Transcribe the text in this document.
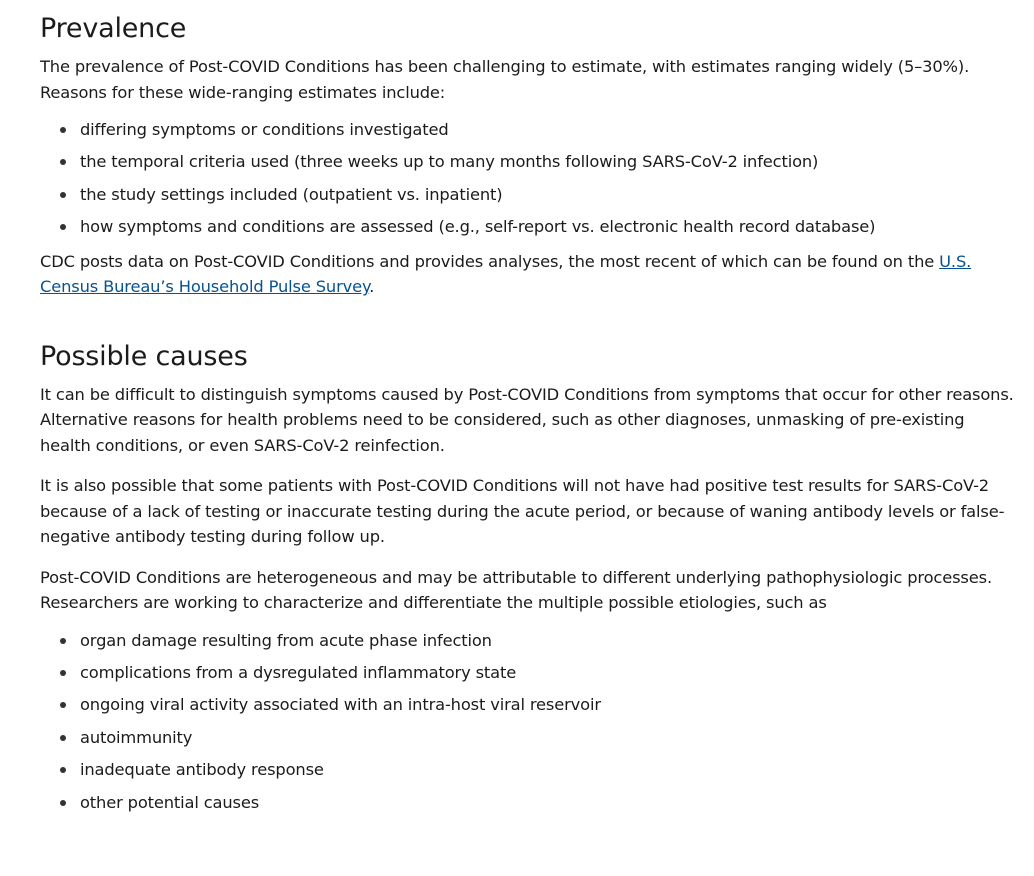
Prevalence

The prevalence of Post-COVID Conditions has been challenging to estimate, with estimates ranging widely (5–30%). Reasons for these wide-ranging estimates include:

differing symptoms or conditions investigated
the temporal criteria used (three weeks up to many months following SARS-CoV-2 infection)
the study settings included (outpatient vs. inpatient)
how symptoms and conditions are assessed (e.g., self-report vs. electronic health record database)

CDC posts data on Post-COVID Conditions and provides analyses, the most recent of which can be found on the U.S. Census Bureau’s Household Pulse Survey.

Possible causes

It can be difficult to distinguish symptoms caused by Post-COVID Conditions from symptoms that occur for other reasons. Alternative reasons for health problems need to be considered, such as other diagnoses, unmasking of pre-existing health conditions, or even SARS-CoV-2 reinfection.

It is also possible that some patients with Post-COVID Conditions will not have had positive test results for SARS-CoV-2 because of a lack of testing or inaccurate testing during the acute period, or because of waning antibody levels or false-negative antibody testing during follow up.

Post-COVID Conditions are heterogeneous and may be attributable to different underlying pathophysiologic processes. Researchers are working to characterize and differentiate the multiple possible etiologies, such as

organ damage resulting from acute phase infection
complications from a dysregulated inflammatory state
ongoing viral activity associated with an intra-host viral reservoir
autoimmunity
inadequate antibody response
other potential causes
